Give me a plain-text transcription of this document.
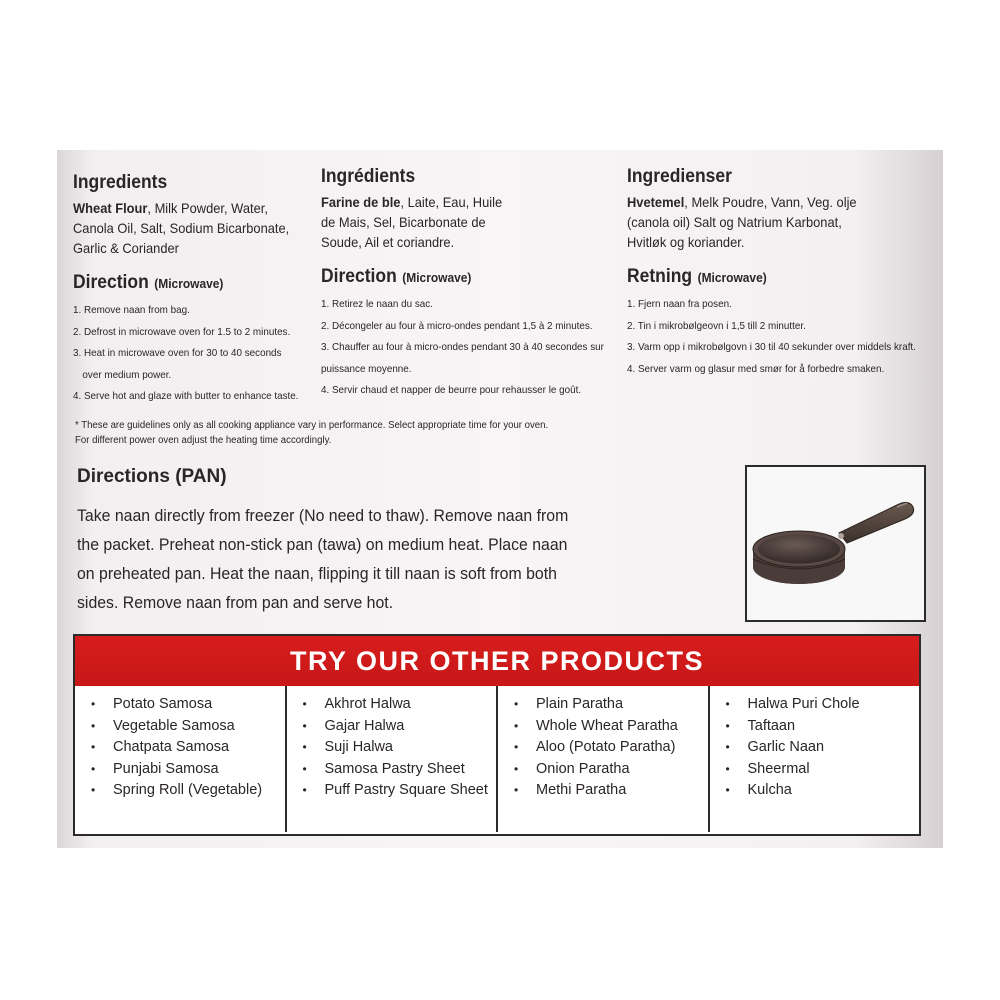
Ingredients

Wheat Flour, Milk Powder, Water, Canola Oil, Salt, Sodium Bicarbonate, Garlic & Coriander

Direction (Microwave)
1. Remove naan from bag.
2. Defrost in microwave oven for 1.5 to 2 minutes.
3. Heat in microwave oven for 30 to 40 seconds
over medium power.
4. Serve hot and glaze with butter to enhance taste.
Ingrédients

Farine de ble, Laite, Eau, Huile de Mais, Sel, Bicarbonate de Soude, Ail et coriandre.

Direction (Microwave)
1. Retirez le naan du sac.
2. Décongeler au four à micro-ondes pendant 1,5 à 2 minutes.
3. Chauffer au four à micro-ondes pendant 30 à 40 secondes sur
puissance moyenne.
4. Servir chaud et napper de beurre pour rehausser le goût.
Ingredienser

Hvetemel, Melk Poudre, Vann, Veg. olje (canola oil) Salt og Natrium Karbonat, Hvitløk og koriander.

Retning (Microwave)
1. Fjern naan fra posen.
2. Tin i mikrobølgeovn i 1,5 till 2 minutter.
3. Varm opp i mikrobølgovn i 30 til 40 sekunder over middels kraft.
4. Server varm og glasur med smør for å forbedre smaken.

* These are guidelines only as all cooking appliance vary in performance. Select appropriate time for your oven.

For different power oven adjust the heating time accordingly.

Directions (PAN)

Take naan directly from freezer (No need to thaw). Remove naan from the packet. Preheat non-stick pan (tawa) on medium heat. Place naan on preheated pan. Heat the naan, flipping it till naan is soft from both sides. Remove naan from pan and serve hot.

TRY OUR OTHER PRODUCTS
• Potato Samosa
• Vegetable Samosa
• Chatpata Samosa
• Punjabi Samosa
• Spring Roll (Vegetable)
• Akhrot Halwa
• Gajar Halwa
• Suji Halwa
• Samosa Pastry Sheet
• Puff Pastry Square Sheet
• Plain Paratha
• Whole Wheat Paratha
• Aloo (Potato Paratha)
• Onion Paratha
• Methi Paratha
• Halwa Puri Chole
• Taftaan
• Garlic Naan
• Sheermal
• Kulcha
